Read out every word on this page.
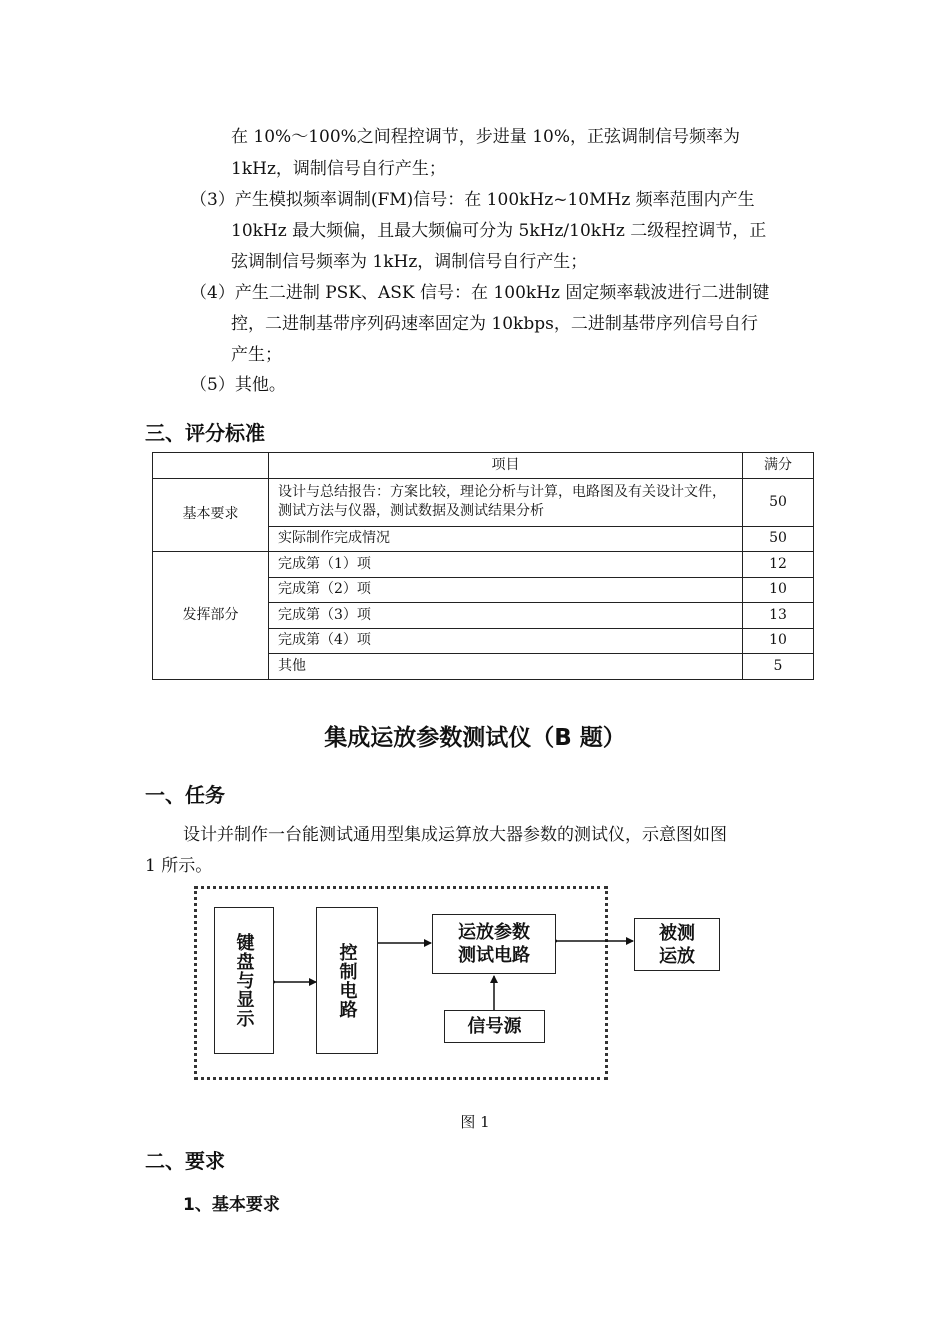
在 10%～100%之间程控调节，步进量 10%，正弦调制信号频率为
1kHz，调制信号自行产生；
（3）产生模拟频率调制(FM)信号：在 100kHz~10MHz 频率范围内产生
10kHz 最大频偏，且最大频偏可分为 5kHz/10kHz 二级程控调节，正
弦调制信号频率为 1kHz，调制信号自行产生；
（4）产生二进制 PSK、ASK 信号：在 100kHz 固定频率载波进行二进制键
控，二进制基带序列码速率固定为 10kbps，二进制基带序列信号自行
产生；
（5）其他。
三、评分标准
	项目	满分
基本要求	设计与总结报告：方案比较，理论分析与计算，电路图及有关设计文件，测试方法与仪器，测试数据及测试结果分析	50
	实际制作完成情况	50
发挥部分	完成第（1）项	12
	完成第（2）项	10
	完成第（3）项	13
	完成第（4）项	10
	其他	5
集成运放参数测试仪（B 题）
一、任务
设计并制作一台能测试通用型集成运算放大器参数的测试仪，示意图如图
1 所示。
键盘与显示	控制电路
运放参数测试电路
信号源
被测运放
图 1
二、要求
1、基本要求
